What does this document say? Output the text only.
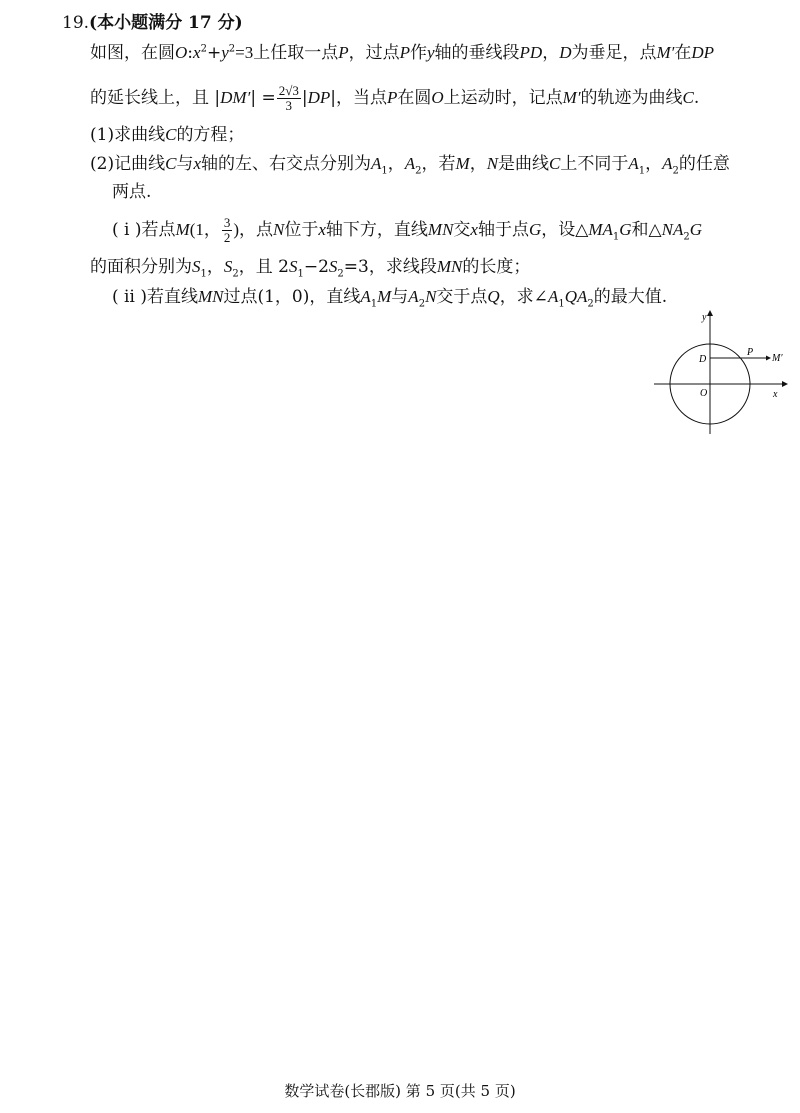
19.(本小题满分 17 分)
如图，在圆$O:x^2+y^2=3$上任取一点P，过点P作y轴的垂线段PD，D为垂足，点M′在DP
的延长线上，且 $|DM'| = \frac{2√3}{3} |DP|$，当点P在圆O上运动时，记点M′的轨迹为曲线C.
(1)求曲线C的方程；
(2)记曲线C与x轴的左、右交点分别为$A_1$，$A_2$，若M，N是曲线C上不同于$A_1$，$A_2$的任意
两点.
( ⅰ )若点M(1， $\frac{3}{2}$ )，点N位于x轴下方，直线MN交x轴于点G，设$\triangle MA_1G$和$\triangle NA_2G$
的面积分别为$S_1$，$S_2$，且 $2S_1-2S_2=3$，求线段MN的长度；
( ⅱ )若直线MN过点(1，0)，直线$A_1M$与$A_2N$交于点Q，求$\angle A_1QA_2$的最大值.
y
x
O
D
P
M′
数学试卷(长郡版) 第 5 页(共 5 页)
